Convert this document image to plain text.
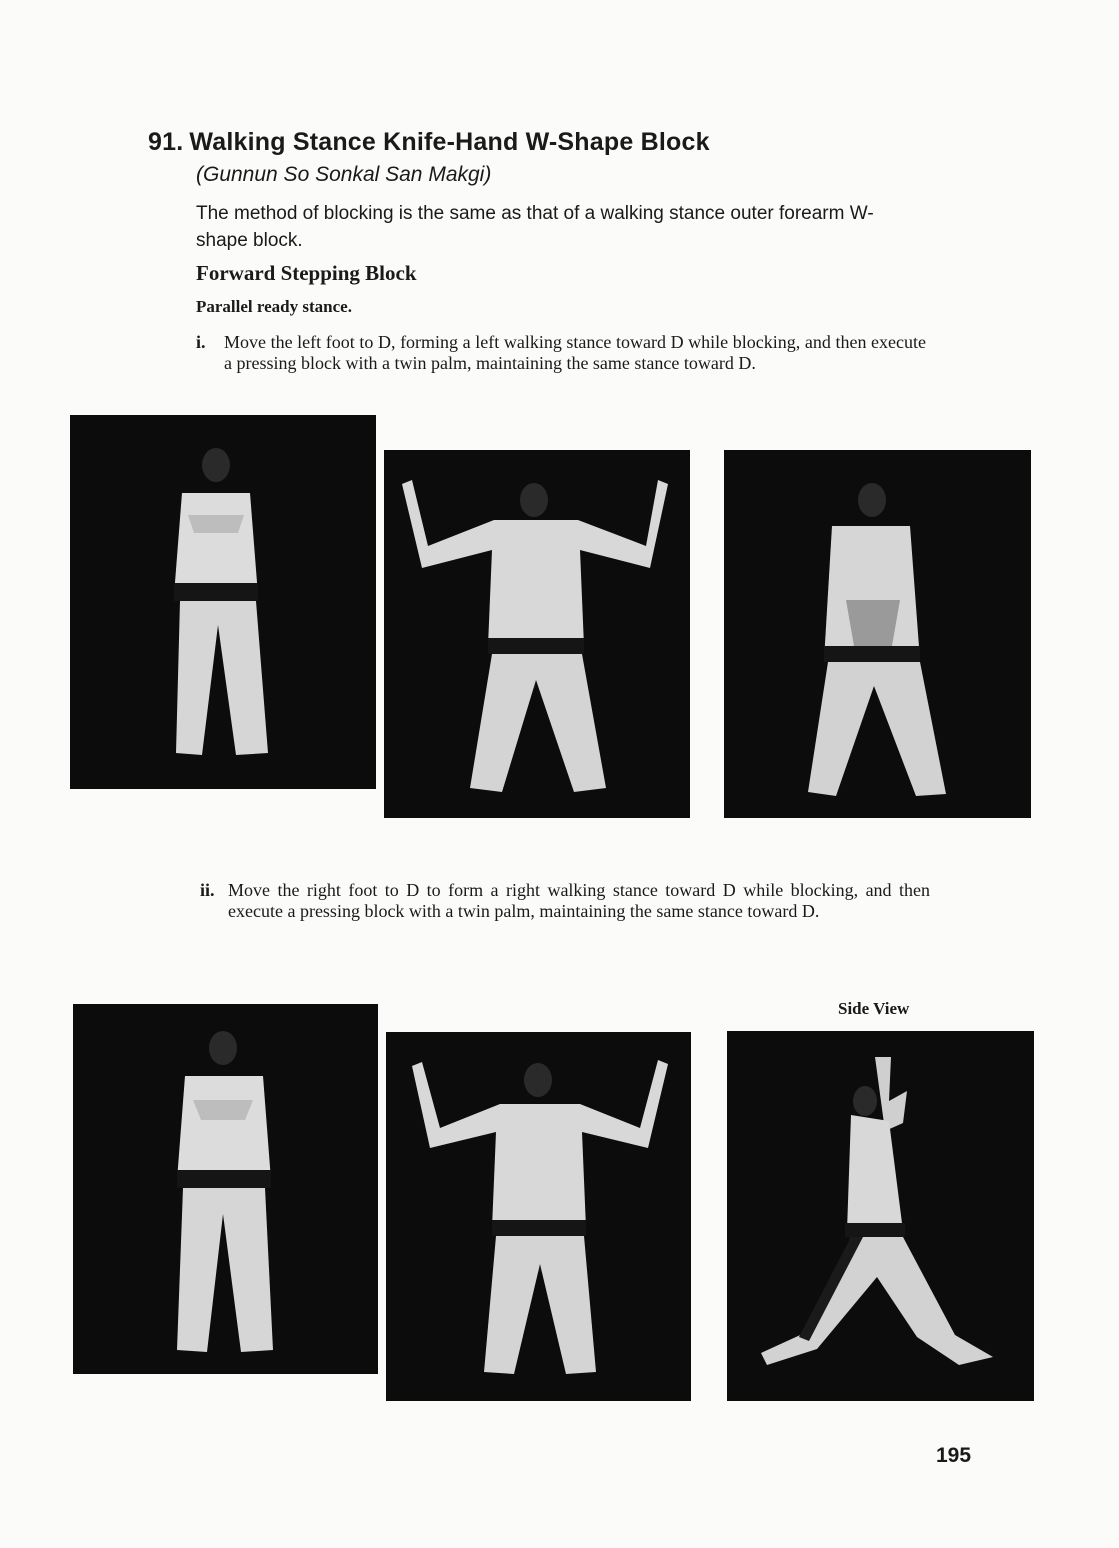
91. Walking Stance Knife-Hand W-Shape Block
(Gunnun So Sonkal San Makgi)
The method of blocking is the same as that of a walking stance outer forearm W-shape block.
Forward Stepping Block
Parallel ready stance.
i.	Move the left foot to D, forming a left walking stance toward D while blocking, and then execute a pressing block with a twin palm, maintaining the same stance toward D.
ii. Move the right foot to D to form a right walking stance toward D while blocking, and then execute a pressing block with a twin palm, maintaining the same stance toward D.
Side View
195
